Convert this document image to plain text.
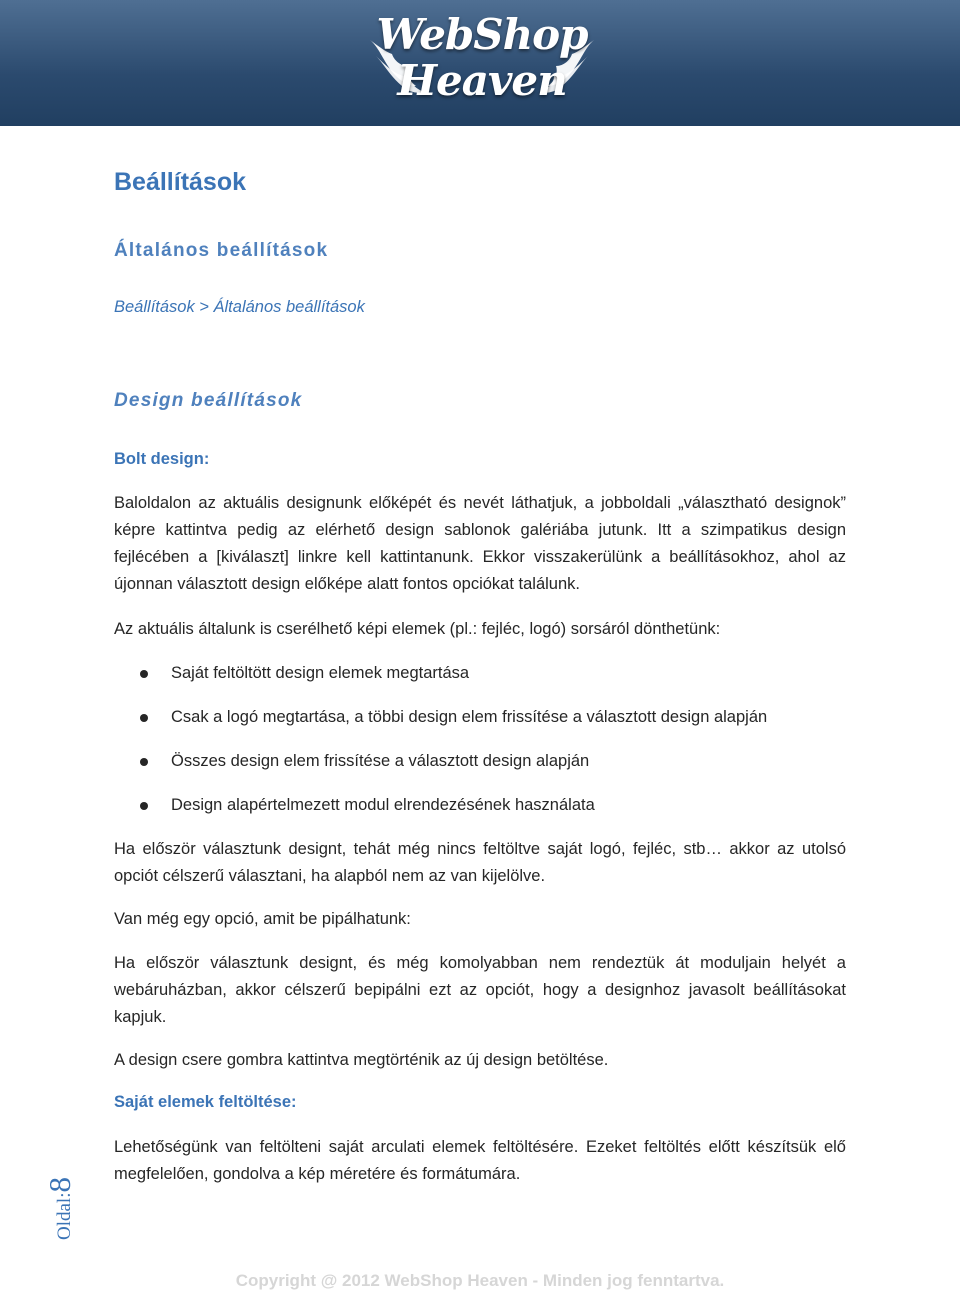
WebShop
Heaven
Beállítások
Általános beállítások
Beállítások > Általános beállítások
Design beállítások
Bolt design:
Baloldalon az aktuális designunk előképét és nevét láthatjuk, a jobboldali „választható designok” képre kattintva pedig az elérhető design sablonok galériába jutunk. Itt a szimpatikus design fejlécében a [kiválaszt] linkre kell kattintanunk. Ekkor visszakerülünk a beállításokhoz, ahol az újonnan választott design előképe alatt fontos opciókat találunk.
Az aktuális általunk is cserélhető képi elemek (pl.: fejléc, logó) sorsáról dönthetünk:
Saját feltöltött design elemek megtartása
Csak a logó megtartása, a többi design elem frissítése a választott design alapján
Összes design elem frissítése a választott design alapján
Design alapértelmezett modul elrendezésének használata
Ha először választunk designt, tehát még nincs feltöltve saját logó, fejléc, stb… akkor az utolsó opciót célszerű választani, ha alapból nem az van kijelölve.
Van még egy opció, amit be pipálhatunk:
Ha először választunk designt, és még komolyabban nem rendeztük át moduljain helyét a webáruházban, akkor célszerű bepipálni ezt az opciót, hogy a designhoz javasolt beállításokat kapjuk.
A design csere gombra kattintva megtörténik az új design betöltése.
Saját elemek feltöltése:
Lehetőségünk van feltölteni saját arculati elemek feltöltésére. Ezeket feltöltés előtt készítsük elő megfelelően, gondolva a kép méretére és formátumára.
Oldal:8
Copyright @ 2012 WebShop Heaven - Minden jog fenntartva.
